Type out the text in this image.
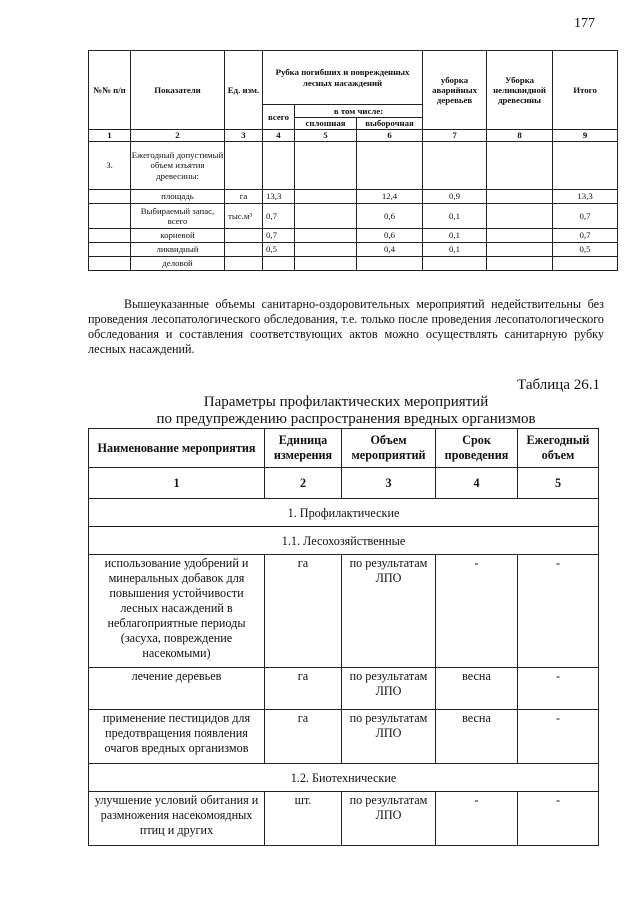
177
№№ п/п	Показатели	Ед. изм.	Рубка погибших и поврежденных лесных насаждений			уборка аварийных деревьев	Уборка неликвидной древесины	Итого
			всего	в том числе:				
				сплошная	выборочная			
1	2	3	4	5	6	7	8	9
3.	Ежегодный допустимый объем изъятия древесины:							
	площадь	га	13,3		12,4	0,9		13,3
	Выбираемый запас, всего	тыс.м³	0,7		0,6	0,1		0,7
	корневой		0,7		0,6	0,1		0,7
	ликвидный		0,5		0,4	0,1		0,5
	деловой							

Вышеуказанные объемы санитарно-оздоровительных мероприятий недействительны без проведения лесопатологического обследования, т.е. только после проведения лесопатологического обследования и составления соответствующих актов можно осуществлять санитарную рубку лесных насаждений.

Таблица 26.1
Параметры профилактических мероприятий
по предупреждению распространения вредных организмов
Наименование мероприятия	Единица измерения	Объем мероприятий	Срок проведения	Ежегодный объем
1	2	3	4	5
1. Профилактические				
1.1. Лесохозяйственные				
использование удобрений и минеральных добавок для повышения устойчивости лесных насаждений в неблагоприятные периоды (засуха, повреждение насекомыми)	га	по результатам ЛПО	-	-
лечение деревьев	га	по результатам ЛПО	весна	-
применение пестицидов для предотвращения появления очагов вредных организмов	га	по результатам ЛПО	весна	-
1.2. Биотехнические				
улучшение условий обитания и размножения насекомоядных птиц и других	шт.	по результатам ЛПО	-	-
